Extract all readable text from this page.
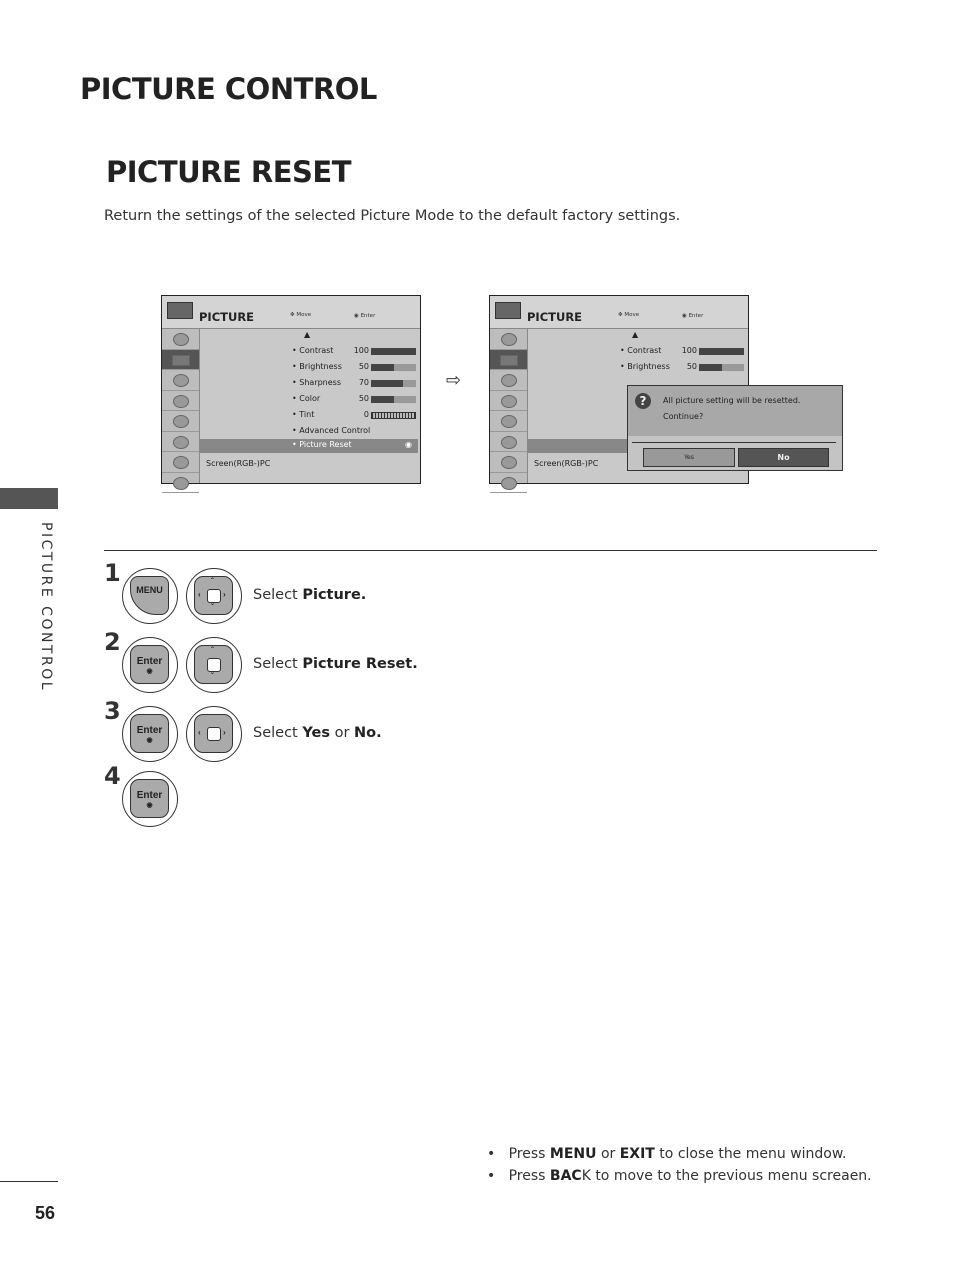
PICTURE CONTROL
PICTURE RESET
Return the settings of the selected Picture Mode to the default factory settings.
PICTURE CONTROL
56
PICTURE	✥ Move	◉ Enter
▲
• Contrast	100
• Brightness	50
• Sharpness	70
• Color	50
• Tint	0
• Advanced Control
• Picture Reset	◉
Screen(RGB-)PC
⇨
PICTURE	✥ Move	◉ Enter
▲
• Contrast	100
• Brightness	50
Screen(RGB-)PC
?	All picture setting will be resetted.
Continue?
Yes	No
1
MENU	‹	›
ˆ
ˇ
Select Picture.
2
Enter
◉
ˆ
ˇ
Select Picture Reset.
3
Enter
◉
‹	› Select Yes or No.
4
Enter
◉
•   Press MENU or EXIT to close the menu window.
•   Press BACK to move to the previous menu screaen.
